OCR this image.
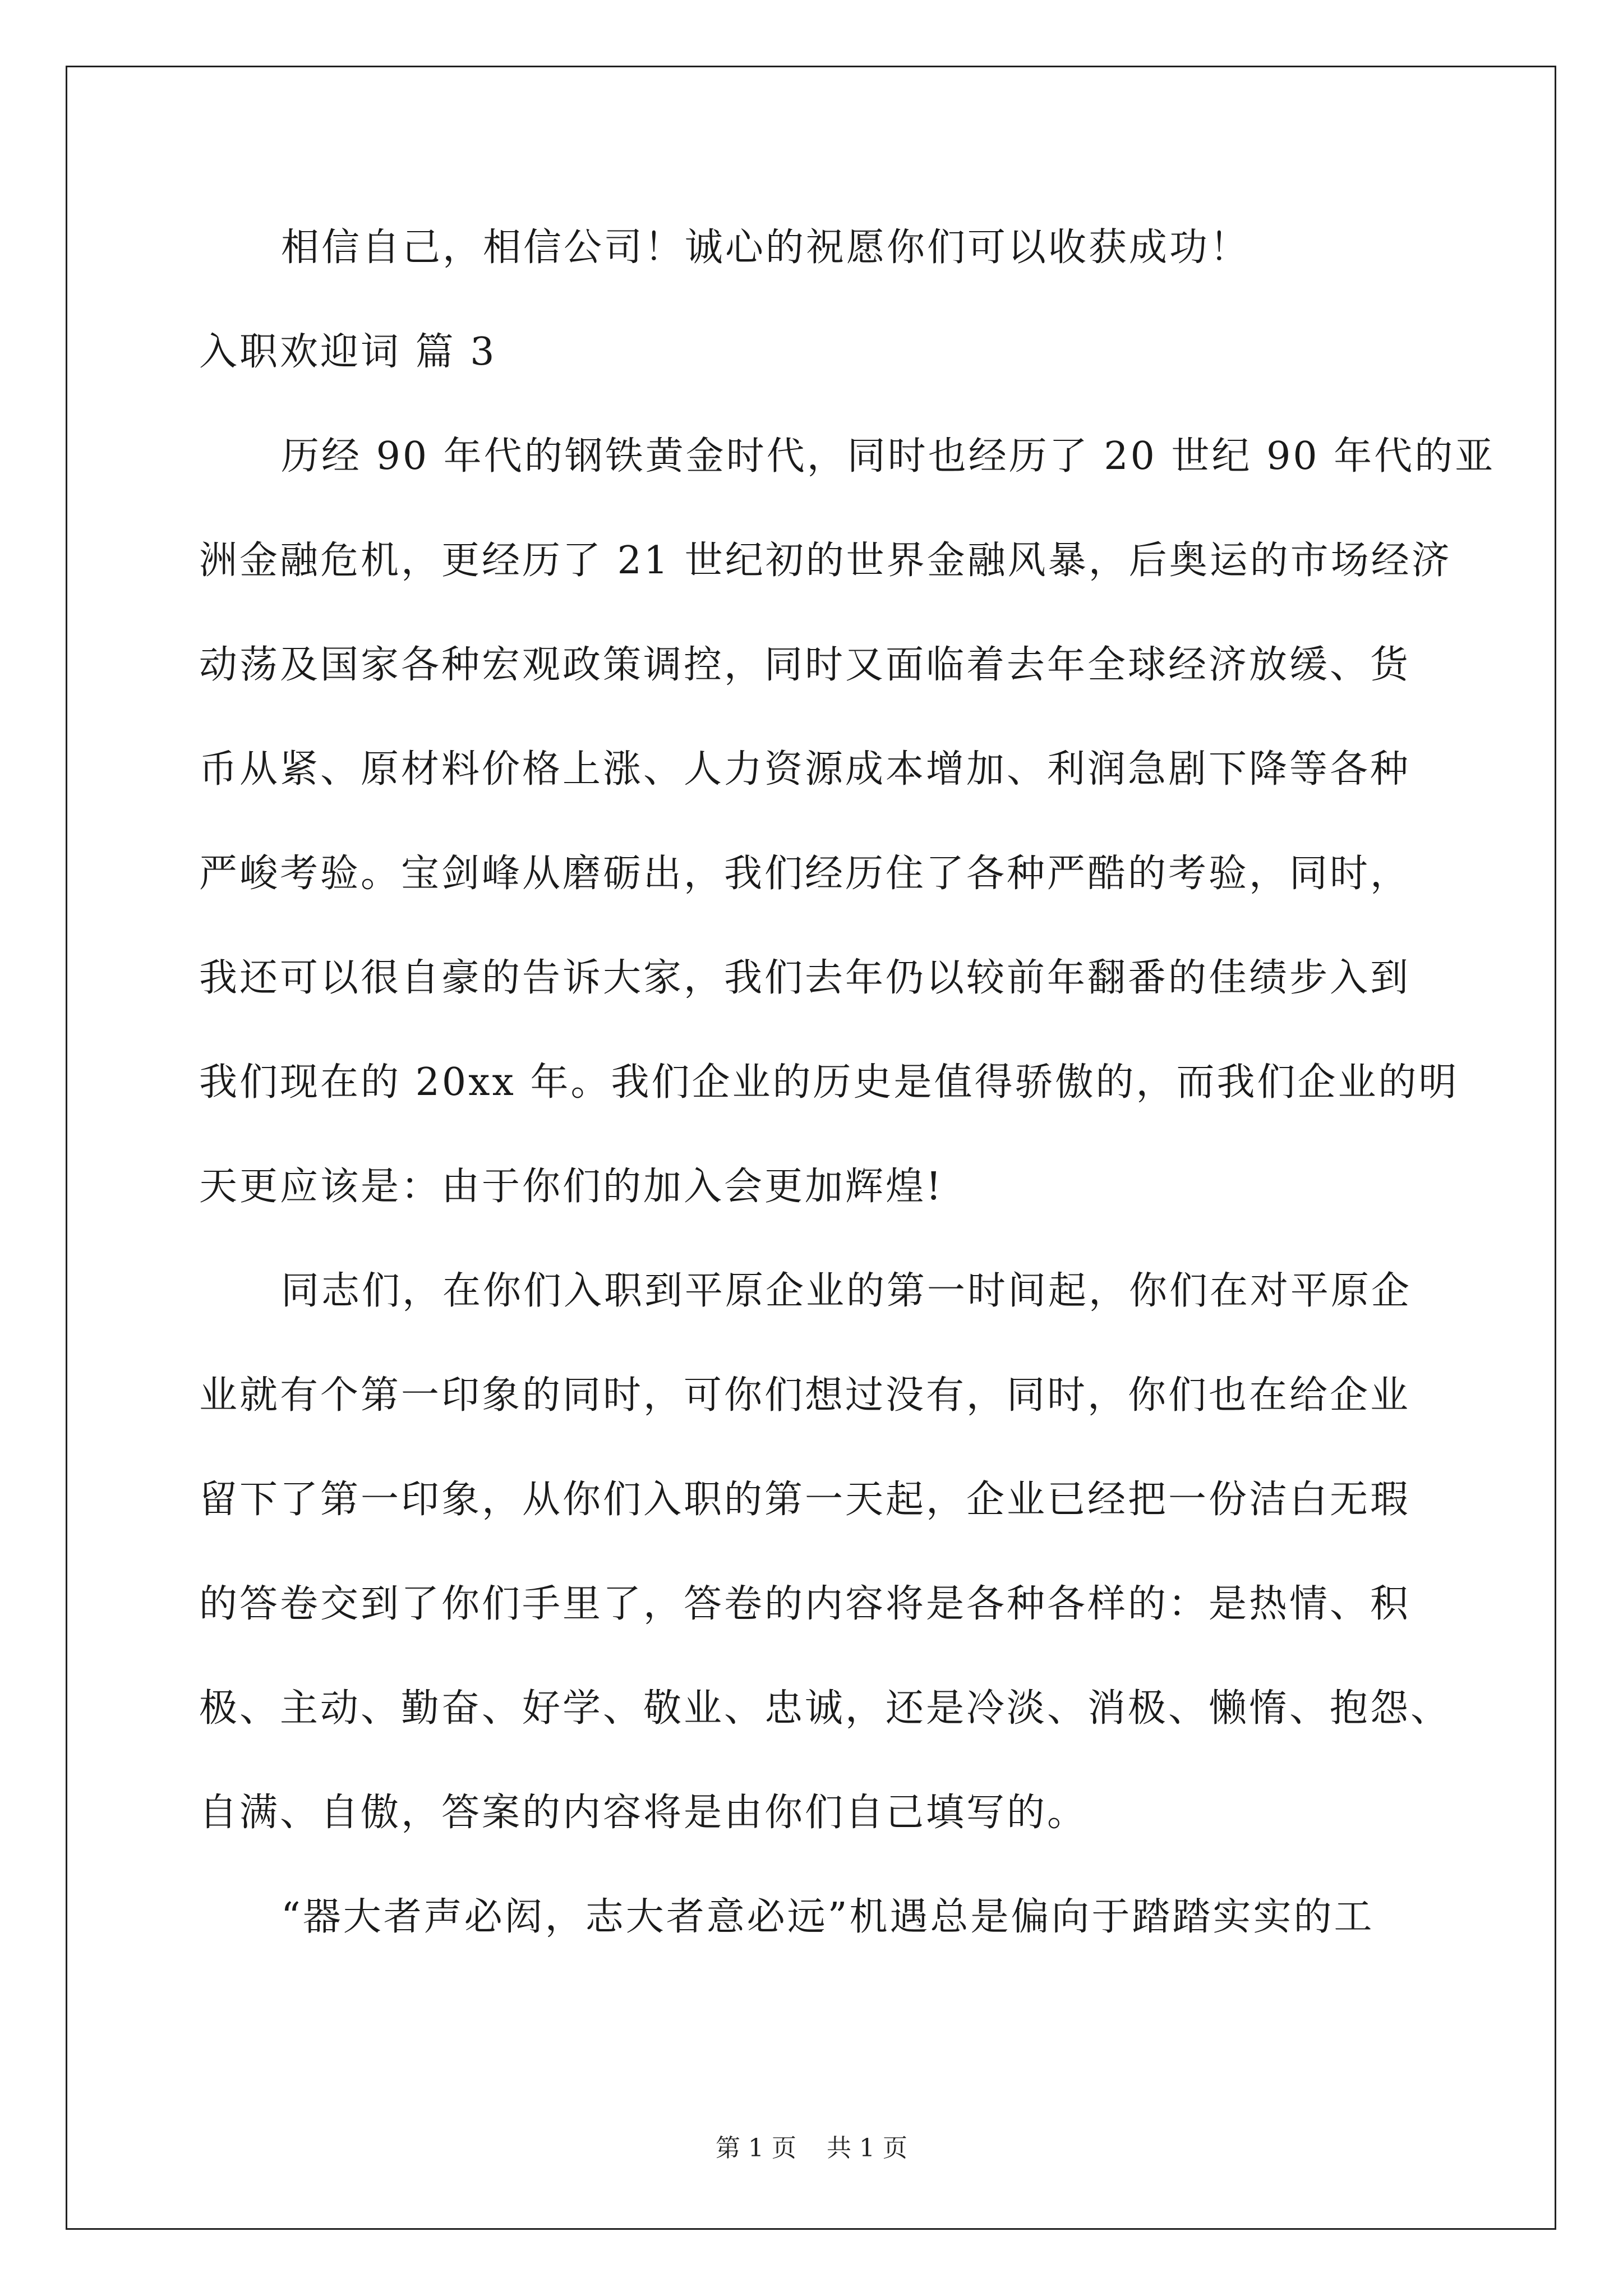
相信自己，相信公司！诚心的祝愿你们可以收获成功！

入职欢迎词 篇 3

历经 90 年代的钢铁黄金时代，同时也经历了 20 世纪 90 年代的亚

洲金融危机，更经历了 21 世纪初的世界金融风暴，后奥运的市场经济

动荡及国家各种宏观政策调控，同时又面临着去年全球经济放缓、货

币从紧、原材料价格上涨、人力资源成本增加、利润急剧下降等各种

严峻考验。宝剑峰从磨砺出，我们经历住了各种严酷的考验，同时，

我还可以很自豪的告诉大家，我们去年仍以较前年翻番的佳绩步入到

我们现在的 20xx 年。我们企业的历史是值得骄傲的，而我们企业的明

天更应该是：由于你们的加入会更加辉煌!

同志们，在你们入职到平原企业的第一时间起，你们在对平原企

业就有个第一印象的同时，可你们想过没有，同时，你们也在给企业

留下了第一印象，从你们入职的第一天起，企业已经把一份洁白无瑕

的答卷交到了你们手里了，答卷的内容将是各种各样的：是热情、积

极、主动、勤奋、好学、敬业、忠诚，还是冷淡、消极、懒惰、抱怨、

自满、自傲，答案的内容将是由你们自己填写的。

“器大者声必闳，志大者意必远”机遇总是偏向于踏踏实实的工

第 1 页 共 1 页
